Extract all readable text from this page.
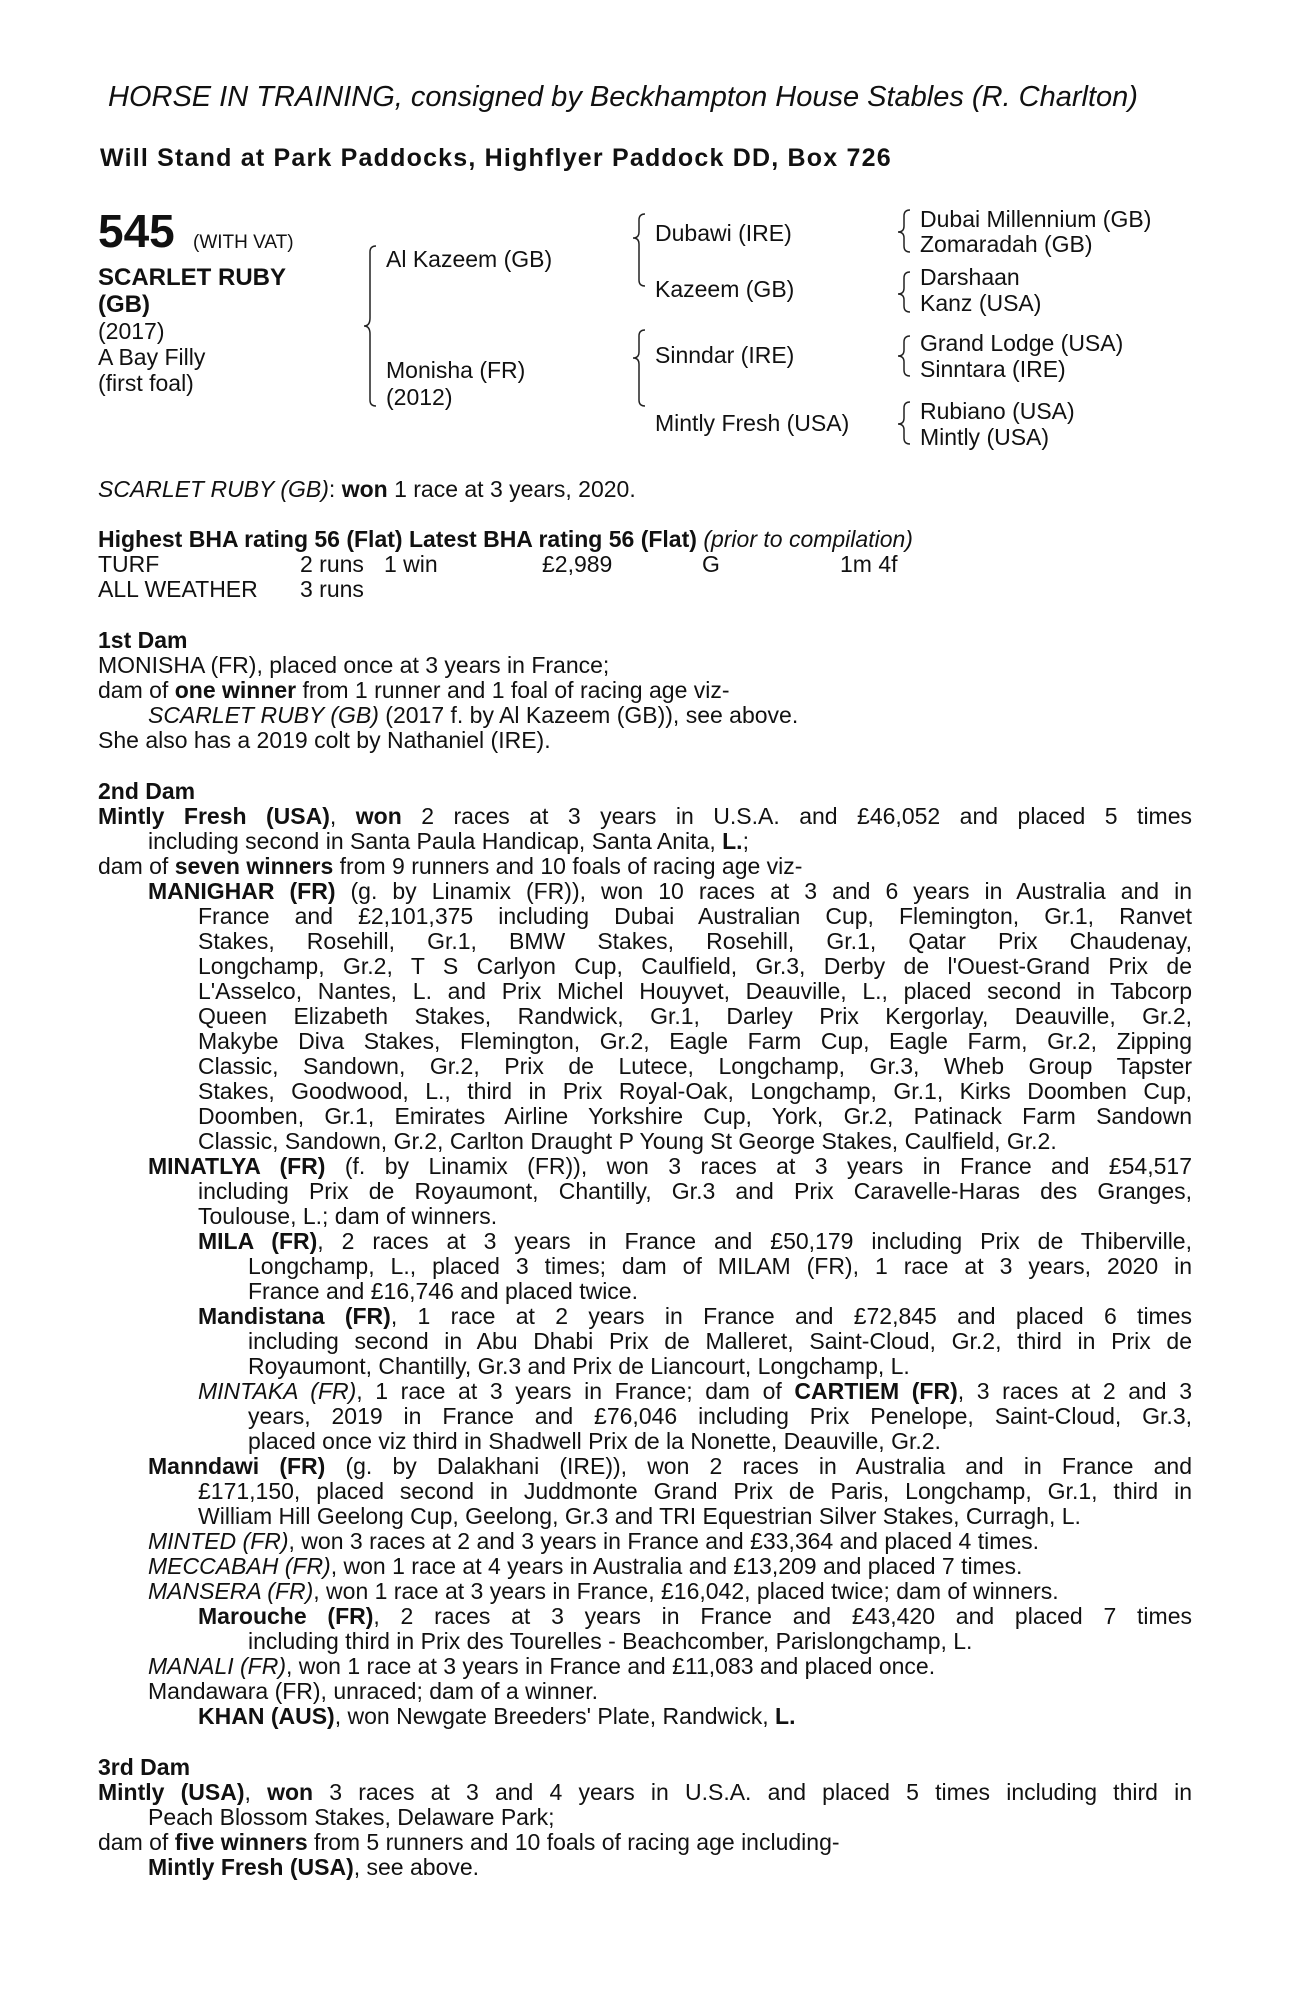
HORSE IN TRAINING, consigned by Beckhampton House Stables (R. Charlton)
Will Stand at Park Paddocks, Highflyer Paddock DD, Box 726
545 (WITH VAT)
SCARLET RUBY
(GB)
(2017)
A Bay Filly
(first foal)
Al Kazeem (GB)
Monisha (FR)
(2012)
Dubawi (IRE)
Kazeem (GB)
Sinndar (IRE)
Mintly Fresh (USA)
Dubai Millennium (GB)
Zomaradah (GB)
Darshaan
Kanz (USA)
Grand Lodge (USA)
Sinntara (IRE)
Rubiano (USA)
Mintly (USA)
SCARLET RUBY (GB): won 1 race at 3 years, 2020.
Highest BHA rating 56 (Flat) Latest BHA rating 56 (Flat) (prior to compilation)
TURF	2 runs 1 win	£2,989	G	1m 4f
ALL WEATHER 3 runs
1st Dam
MONISHA (FR), placed once at 3 years in France;
dam of one winner from 1 runner and 1 foal of racing age viz-
SCARLET RUBY (GB) (2017 f. by Al Kazeem (GB)), see above.
She also has a 2019 colt by Nathaniel (IRE).
2nd Dam
Mintly Fresh (USA), won 2 races at 3 years in U.S.A. and £46,052 and placed 5 times
including second in Santa Paula Handicap, Santa Anita, L.;
dam of seven winners from 9 runners and 10 foals of racing age viz-
MANIGHAR (FR) (g. by Linamix (FR)), won 10 races at 3 and 6 years in Australia and in
France and £2,101,375 including Dubai Australian Cup, Flemington, Gr.1, Ranvet
Stakes, Rosehill, Gr.1, BMW Stakes, Rosehill, Gr.1, Qatar Prix Chaudenay,
Longchamp, Gr.2, T S Carlyon Cup, Caulfield, Gr.3, Derby de l'Ouest-Grand Prix de
L'Asselco, Nantes, L. and Prix Michel Houyvet, Deauville, L., placed second in Tabcorp
Queen Elizabeth Stakes, Randwick, Gr.1, Darley Prix Kergorlay, Deauville, Gr.2,
Makybe Diva Stakes, Flemington, Gr.2, Eagle Farm Cup, Eagle Farm, Gr.2, Zipping
Classic, Sandown, Gr.2, Prix de Lutece, Longchamp, Gr.3, Wheb Group Tapster
Stakes, Goodwood, L., third in Prix Royal-Oak, Longchamp, Gr.1, Kirks Doomben Cup,
Doomben, Gr.1, Emirates Airline Yorkshire Cup, York, Gr.2, Patinack Farm Sandown
Classic, Sandown, Gr.2, Carlton Draught P Young St George Stakes, Caulfield, Gr.2.
MINATLYA (FR) (f. by Linamix (FR)), won 3 races at 3 years in France and £54,517
including Prix de Royaumont, Chantilly, Gr.3 and Prix Caravelle-Haras des Granges,
Toulouse, L.; dam of winners.
MILA (FR), 2 races at 3 years in France and £50,179 including Prix de Thiberville,
Longchamp, L., placed 3 times; dam of MILAM (FR), 1 race at 3 years, 2020 in
France and £16,746 and placed twice.
Mandistana (FR), 1 race at 2 years in France and £72,845 and placed 6 times
including second in Abu Dhabi Prix de Malleret, Saint-Cloud, Gr.2, third in Prix de
Royaumont, Chantilly, Gr.3 and Prix de Liancourt, Longchamp, L.
MINTAKA (FR), 1 race at 3 years in France; dam of CARTIEM (FR), 3 races at 2 and 3
years, 2019 in France and £76,046 including Prix Penelope, Saint-Cloud, Gr.3,
placed once viz third in Shadwell Prix de la Nonette, Deauville, Gr.2.
Manndawi (FR) (g. by Dalakhani (IRE)), won 2 races in Australia and in France and
£171,150, placed second in Juddmonte Grand Prix de Paris, Longchamp, Gr.1, third in
William Hill Geelong Cup, Geelong, Gr.3 and TRI Equestrian Silver Stakes, Curragh, L.
MINTED (FR), won 3 races at 2 and 3 years in France and £33,364 and placed 4 times.
MECCABAH (FR), won 1 race at 4 years in Australia and £13,209 and placed 7 times.
MANSERA (FR), won 1 race at 3 years in France, £16,042, placed twice; dam of winners.
Marouche (FR), 2 races at 3 years in France and £43,420 and placed 7 times
including third in Prix des Tourelles - Beachcomber, Parislongchamp, L.
MANALI (FR), won 1 race at 3 years in France and £11,083 and placed once.
Mandawara (FR), unraced; dam of a winner.
KHAN (AUS), won Newgate Breeders' Plate, Randwick, L.
3rd Dam
Mintly (USA), won 3 races at 3 and 4 years in U.S.A. and placed 5 times including third in
Peach Blossom Stakes, Delaware Park;
dam of five winners from 5 runners and 10 foals of racing age including-
Mintly Fresh (USA), see above.
